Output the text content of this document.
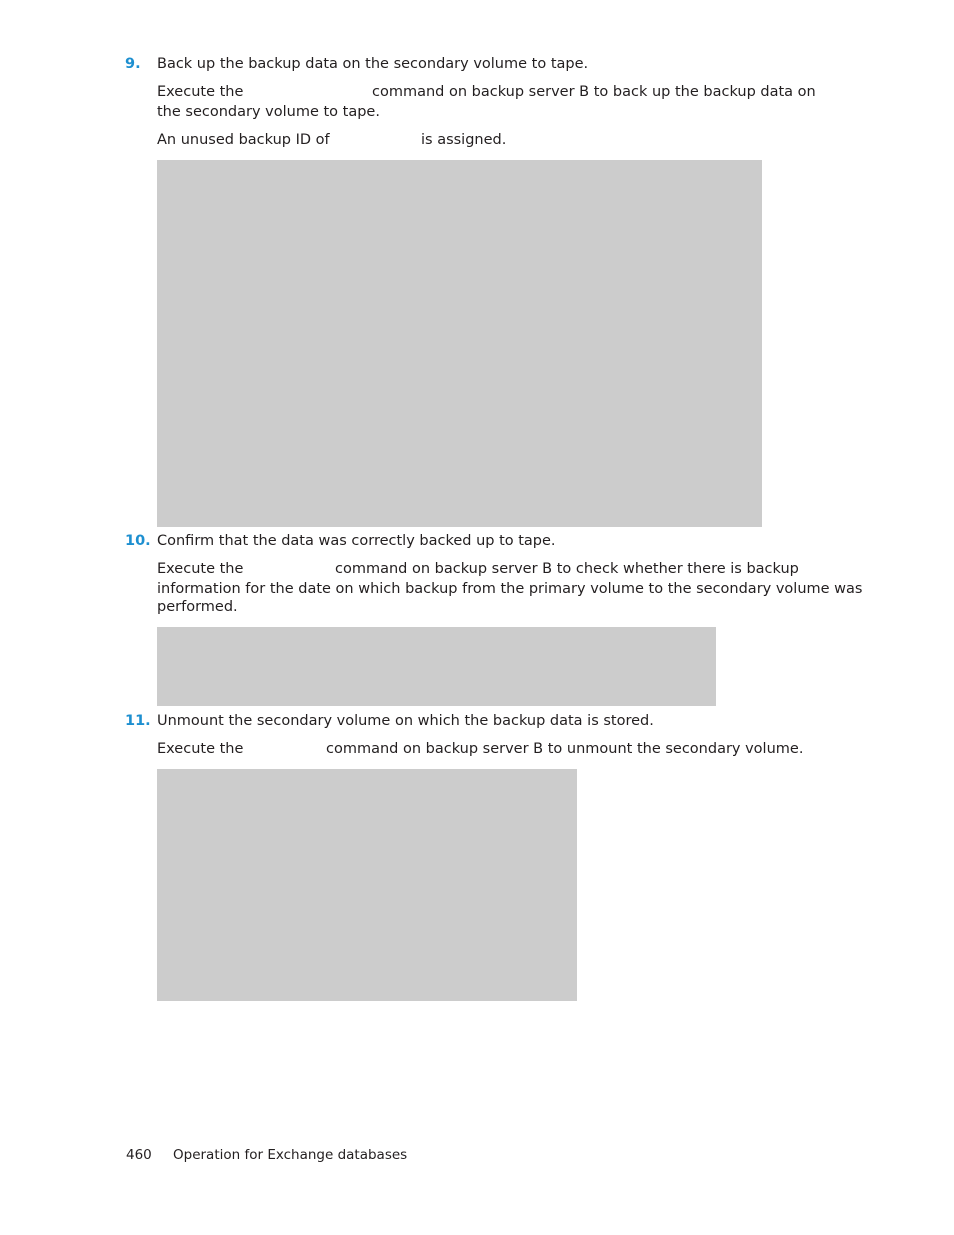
9. Back up the backup data on the secondary volume to tape.
Execute the	command on backup server B to back up the backup data on
the secondary volume to tape.
An unused backup ID of	is assigned.
10. Confirm that the data was correctly backed up to tape.
Execute the	command on backup server B to check whether there is backup
information for the date on which backup from the primary volume to the secondary volume was
performed.
11. Unmount the secondary volume on which the backup data is stored.
Execute the	command on backup server B to unmount the secondary volume.
460 Operation for Exchange databases
